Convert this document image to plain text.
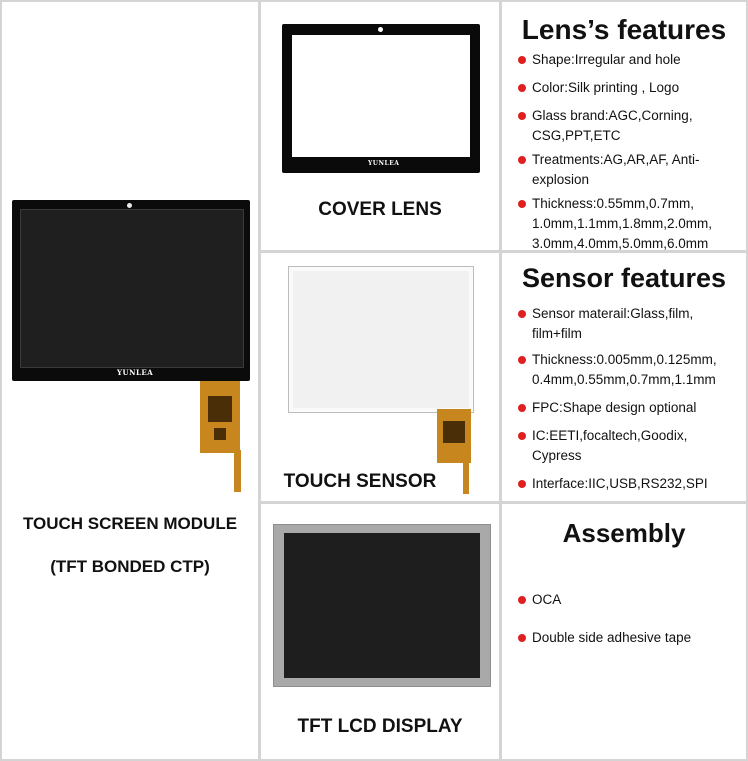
YUNLEA
TOUCH SCREEN MODULE
(TFT BONDED CTP)
YUNLEA
COVER LENS
Lens’s features
Shape:Irregular and hole
Color:Silk printing , Logo
Glass brand:AGC,Corning, CSG,PPT,ETC
Treatments:AG,AR,AF, Anti-explosion
Thickness:0.55mm,0.7mm, 1.0mm,1.1mm,1.8mm,2.0mm, 3.0mm,4.0mm,5.0mm,6.0mm
TOUCH SENSOR
Sensor features
Sensor materail:Glass,film, film+film
Thickness:0.005mm,0.125mm, 0.4mm,0.55mm,0.7mm,1.1mm
FPC:Shape design optional
IC:EETI,focaltech,Goodix, Cypress
Interface:IIC,USB,RS232,SPI
TFT LCD DISPLAY
Assembly
OCA
Double side adhesive tape
